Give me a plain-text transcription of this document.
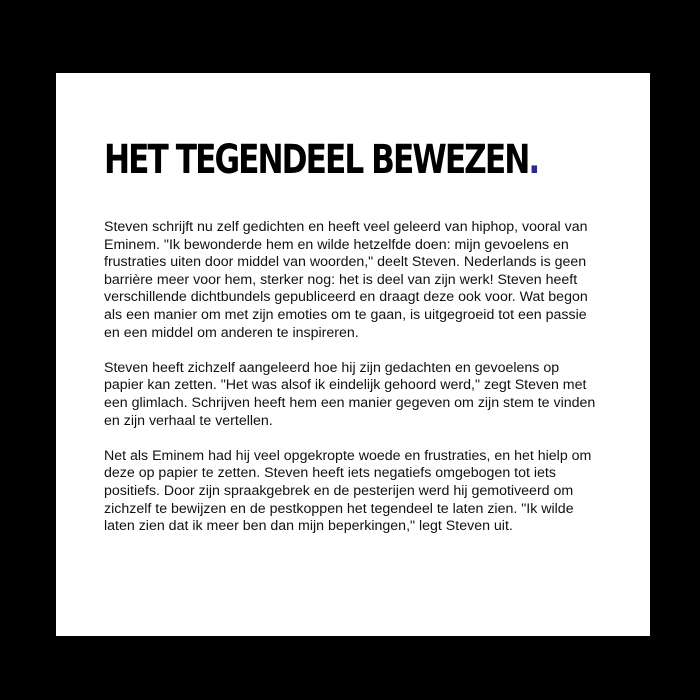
HET TEGENDEEL BEWEZEN.

Steven schrijft nu zelf gedichten en heeft veel geleerd van hiphop, vooral van Eminem. "Ik bewonderde hem en wilde hetzelfde doen: mijn gevoelens en frustraties uiten door middel van woorden," deelt Steven. Nederlands is geen barrière meer voor hem, sterker nog: het is deel van zijn werk! Steven heeft verschillende dichtbundels gepubliceerd en draagt deze ook voor. Wat begon als een manier om met zijn emoties om te gaan, is uitgegroeid tot een passie en een middel om anderen te inspireren.

Steven heeft zichzelf aangeleerd hoe hij zijn gedachten en gevoelens op papier kan zetten. "Het was alsof ik eindelijk gehoord werd," zegt Steven met een glimlach. Schrijven heeft hem een manier gegeven om zijn stem te vinden en zijn verhaal te vertellen.

Net als Eminem had hij veel opgekropte woede en frustraties, en het hielp om deze op papier te zetten. Steven heeft iets negatiefs omgebogen tot iets positiefs. Door zijn spraakgebrek en de pesterijen werd hij gemotiveerd om zichzelf te bewijzen en de pestkoppen het tegendeel te laten zien. "Ik wilde laten zien dat ik meer ben dan mijn beperkingen," legt Steven uit.
